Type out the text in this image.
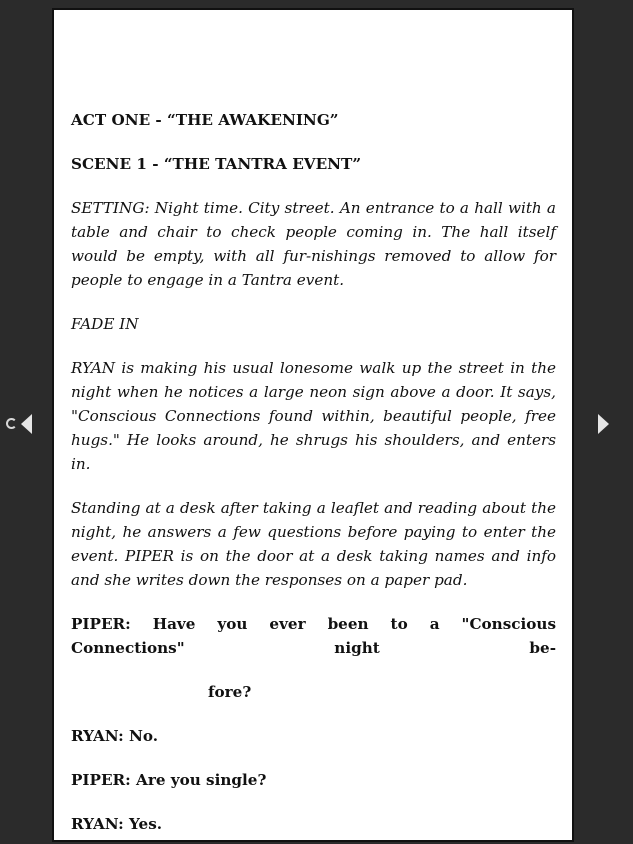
ACT ONE - “THE AWAKENING”

SCENE 1 - “THE TANTRA EVENT”

SETTING: Night time. City street. An entrance to a hall with a table and chair to check people coming in. The hall itself would be empty, with all fur-nishings removed to allow for people to engage in a Tantra event.

FADE IN

RYAN is making his usual lonesome walk up the street in the night when he notices a large neon sign above a door. It says, "Conscious Connections found within, beautiful people, free hugs." He looks around, he shrugs his shoulders, and enters in.

Standing at a desk after taking a leaflet and reading about the night, he answers a few questions before paying to enter the event. PIPER is on the door at a desk taking names and info and she writes down the responses on a paper pad.

PIPER: Have you ever been to a "Conscious Connections" night be-

fore?

RYAN: No.

PIPER: Are you single?

RYAN: Yes.
